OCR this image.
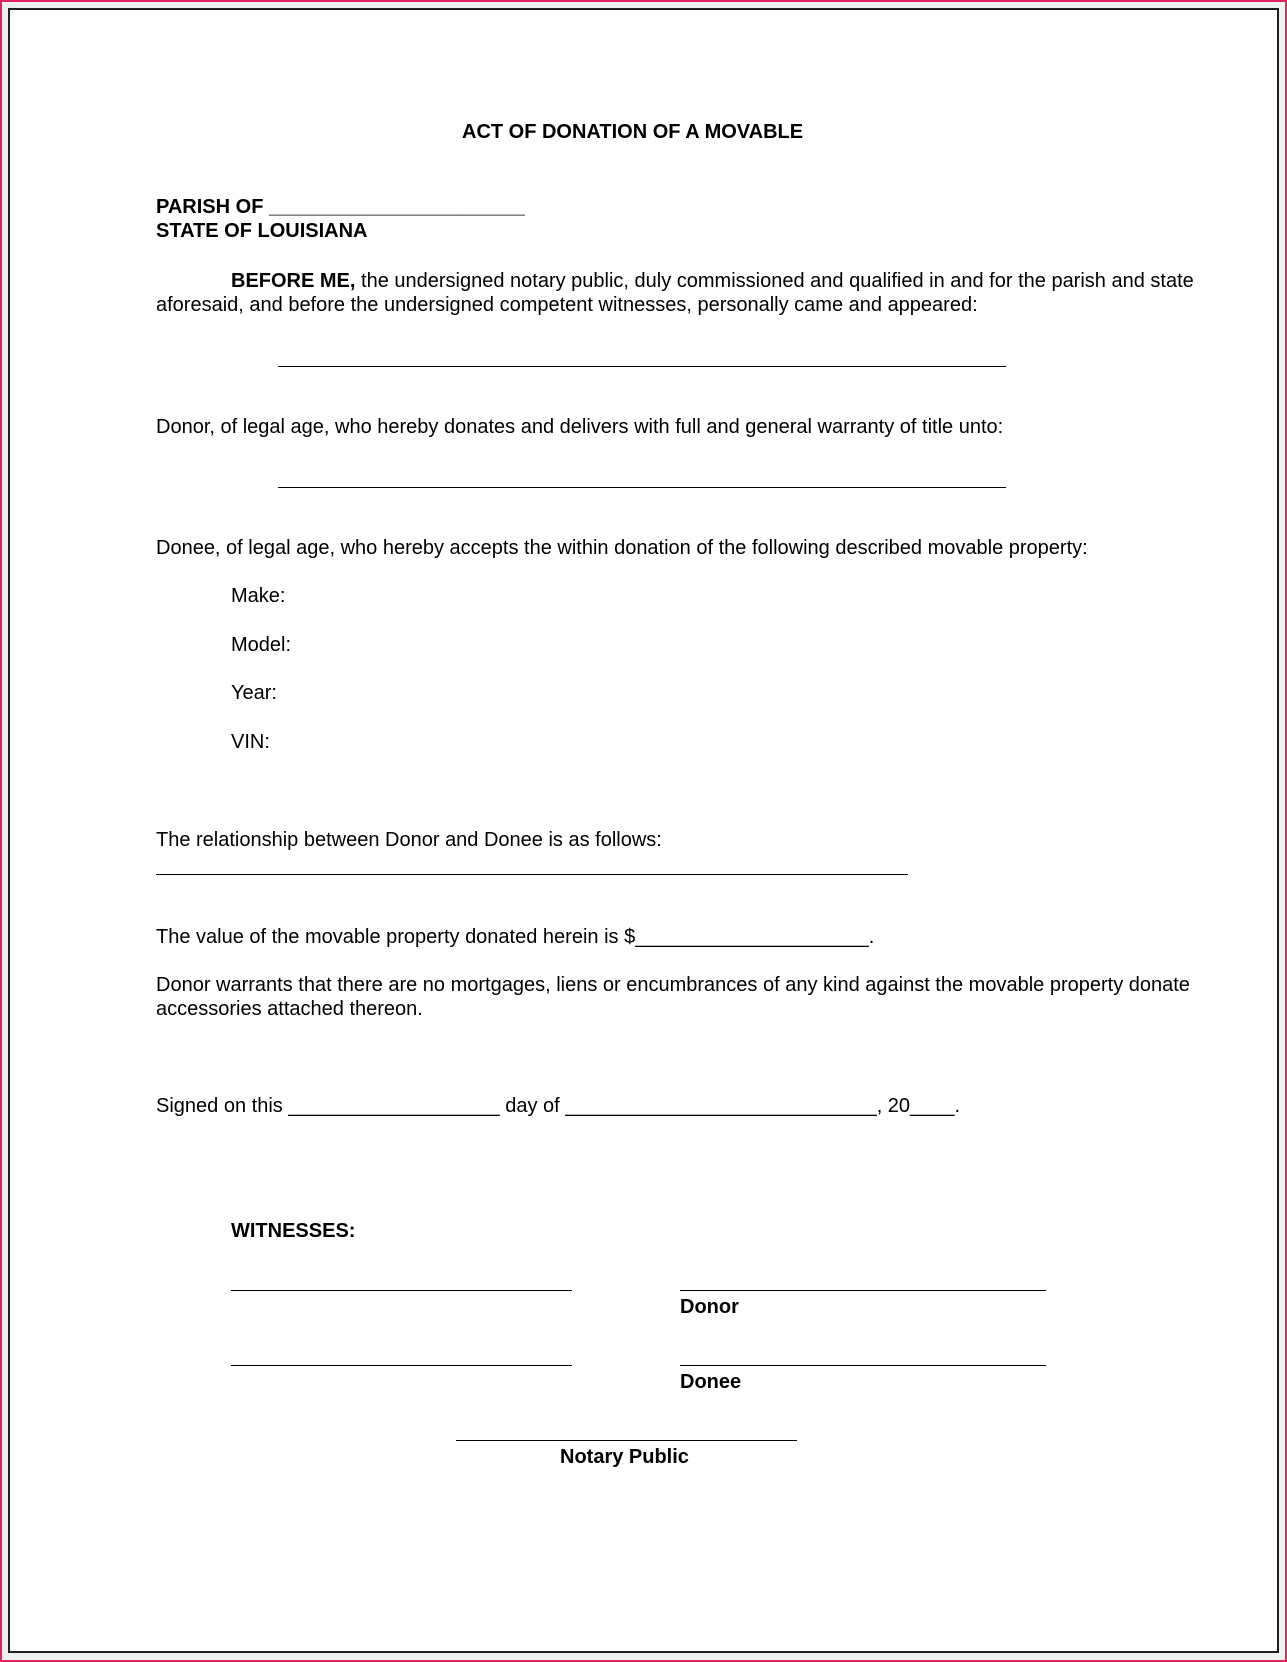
ACT OF DONATION OF A MOVABLE
PARISH OF _______________________
STATE OF LOUISIANA
BEFORE ME, the undersigned notary public, duly commissioned and qualified in and for the parish and state
aforesaid, and before the undersigned competent witnesses, personally came and appeared:
Donor, of legal age, who hereby donates and delivers with full and general warranty of title unto:
Donee, of legal age, who hereby accepts the within donation of the following described movable property:
Make:
Model:
Year:
VIN:
The relationship between Donor and Donee is as follows:
The value of the movable property donated herein is $_____________________.
Donor warrants that there are no mortgages, liens or encumbrances of any kind against the movable property donate
accessories attached thereon.
Signed on this ___________________ day of ____________________________, 20____.
WITNESSES:
Donor
Donee
Notary Public
